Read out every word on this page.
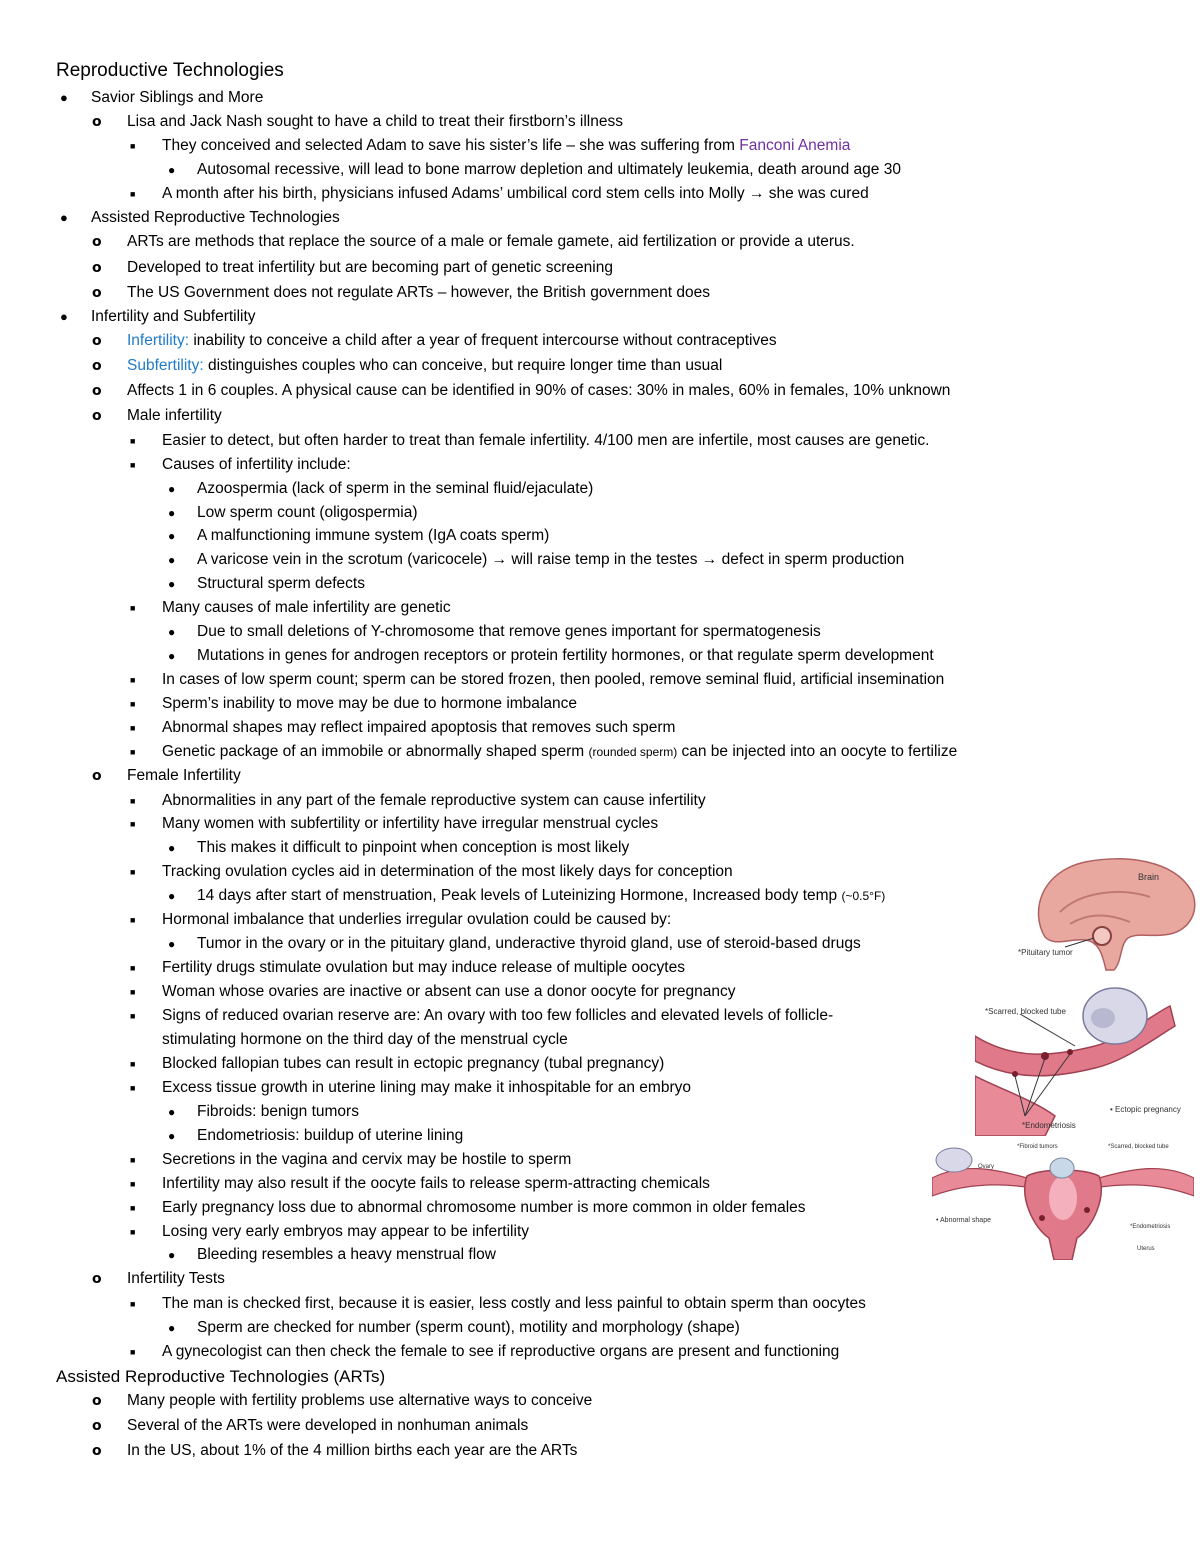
Reproductive Technologies
● Savior Siblings and More
o Lisa and Jack Nash sought to have a child to treat their firstborn’s illness
■ They conceived and selected Adam to save his sister’s life – she was suffering from Fanconi Anemia
● Autosomal recessive, will lead to bone marrow depletion and ultimately leukemia, death around age 30
■ A month after his birth, physicians infused Adams’ umbilical cord stem cells into Molly → she was cured
● Assisted Reproductive Technologies
o ARTs are methods that replace the source of a male or female gamete, aid fertilization or provide a uterus.
o Developed to treat infertility but are becoming part of genetic screening
o The US Government does not regulate ARTs – however, the British government does
● Infertility and Subfertility
o Infertility: inability to conceive a child after a year of frequent intercourse without contraceptives
o Subfertility: distinguishes couples who can conceive, but require longer time than usual
o Affects 1 in 6 couples. A physical cause can be identified in 90% of cases: 30% in males, 60% in females, 10% unknown
o Male infertility
■ Easier to detect, but often harder to treat than female infertility. 4/100 men are infertile, most causes are genetic.
■ Causes of infertility include:
● Azoospermia (lack of sperm in the seminal fluid/ejaculate)
● Low sperm count (oligospermia)
● A malfunctioning immune system (IgA coats sperm)
● A varicose vein in the scrotum (varicocele) → will raise temp in the testes → defect in sperm production
● Structural sperm defects
■ Many causes of male infertility are genetic
● Due to small deletions of Y-chromosome that remove genes important for spermatogenesis
● Mutations in genes for androgen receptors or protein fertility hormones, or that regulate sperm development
■ In cases of low sperm count; sperm can be stored frozen, then pooled, remove seminal fluid, artificial insemination
■ Sperm’s inability to move may be due to hormone imbalance
■ Abnormal shapes may reflect impaired apoptosis that removes such sperm
■ Genetic package of an immobile or abnormally shaped sperm (rounded sperm) can be injected into an oocyte to fertilize
o Female Infertility
■ Abnormalities in any part of the female reproductive system can cause infertility
■ Many women with subfertility or infertility have irregular menstrual cycles
● This makes it difficult to pinpoint when conception is most likely
■ Tracking ovulation cycles aid in determination of the most likely days for conception
● 14 days after start of menstruation, Peak levels of Luteinizing Hormone, Increased body temp (~0.5°F)
■ Hormonal imbalance that underlies irregular ovulation could be caused by:
● Tumor in the ovary or in the pituitary gland, underactive thyroid gland, use of steroid-based drugs
■ Fertility drugs stimulate ovulation but may induce release of multiple oocytes
■ Woman whose ovaries are inactive or absent can use a donor oocyte for pregnancy
■ Signs of reduced ovarian reserve are: An ovary with too few follicles and elevated levels of follicle-
stimulating hormone on the third day of the menstrual cycle
■ Blocked fallopian tubes can result in ectopic pregnancy (tubal pregnancy)
■ Excess tissue growth in uterine lining may make it inhospitable for an embryo
● Fibroids: benign tumors
● Endometriosis: buildup of uterine lining
■ Secretions in the vagina and cervix may be hostile to sperm
■ Infertility may also result if the oocyte fails to release sperm-attracting chemicals
■ Early pregnancy loss due to abnormal chromosome number is more common in older females
■ Losing very early embryos may appear to be infertility
● Bleeding resembles a heavy menstrual flow
o Infertility Tests
■ The man is checked first, because it is easier, less costly and less painful to obtain sperm than oocytes
● Sperm are checked for number (sperm count), motility and morphology (shape)
■ A gynecologist can then check the female to see if reproductive organs are present and functioning
Assisted Reproductive Technologies (ARTs)
o Many people with fertility problems use alternative ways to conceive
o Several of the ARTs were developed in nonhuman animals
o In the US, about 1% of the 4 million births each year are the ARTs
Brain
*Pituitary tumor
*Scarred, blocked tube
*Endometriosis
• Ectopic pregnancy
*Fibroid tumors	*Scarred, blocked tube
Ovary
• Abnormal shape
*Endometriosis
Uterus
